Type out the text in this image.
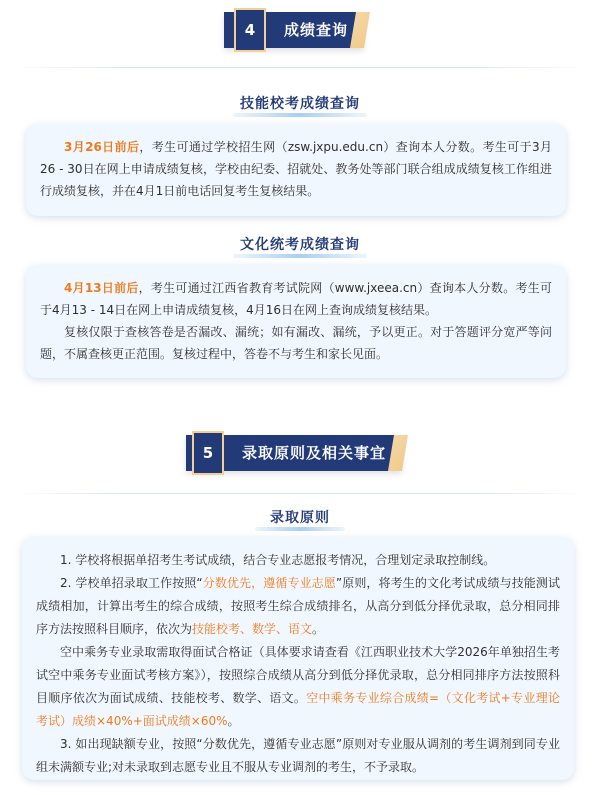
4	成绩查询
技能校考成绩查询

3月26日前后，考生可通过学校招生网（zsw.jxpu.edu.cn）查询本人分数。考生可于3月26 - 30日在网上申请成绩复核，学校由纪委、招就处、教务处等部门联合组成成绩复核工作组进行成绩复核，并在4月1日前电话回复考生复核结果。

文化统考成绩查询

4月13日前后，考生可通过江西省教育考试院网（www.jxeea.cn）查询本人分数。考生可于4月13 - 14日在网上申请成绩复核，4月16日在网上查询成绩复核结果。

复核仅限于查核答卷是否漏改、漏统；如有漏改、漏统，予以更正。对于答题评分宽严等问题，不属查核更正范围。复核过程中，答卷不与考生和家长见面。

5	录取原则及相关事宜
录取原则

1. 学校将根据单招考生考试成绩，结合专业志愿报考情况，合理划定录取控制线。

2. 学校单招录取工作按照“分数优先，遵循专业志愿”原则，将考生的文化考试成绩与技能测试成绩相加，计算出考生的综合成绩，按照考生综合成绩排名，从高分到低分择优录取，总分相同排序方法按照科目顺序，依次为技能校考、数学、语文。

空中乘务专业录取需取得面试合格证（具体要求请查看《江西职业技术大学2026年单独招生考试空中乘务专业面试考核方案》），按照综合成绩从高分到低分择优录取，总分相同排序方法按照科目顺序依次为面试成绩、技能校考、数学、语文。空中乘务专业综合成绩=（文化考试+专业理论考试）成绩×40%+面试成绩×60%。

3. 如出现缺额专业，按照“分数优先，遵循专业志愿”原则对专业服从调剂的考生调剂到同专业组未满额专业;对未录取到志愿专业且不服从专业调剂的考生，不予录取。
